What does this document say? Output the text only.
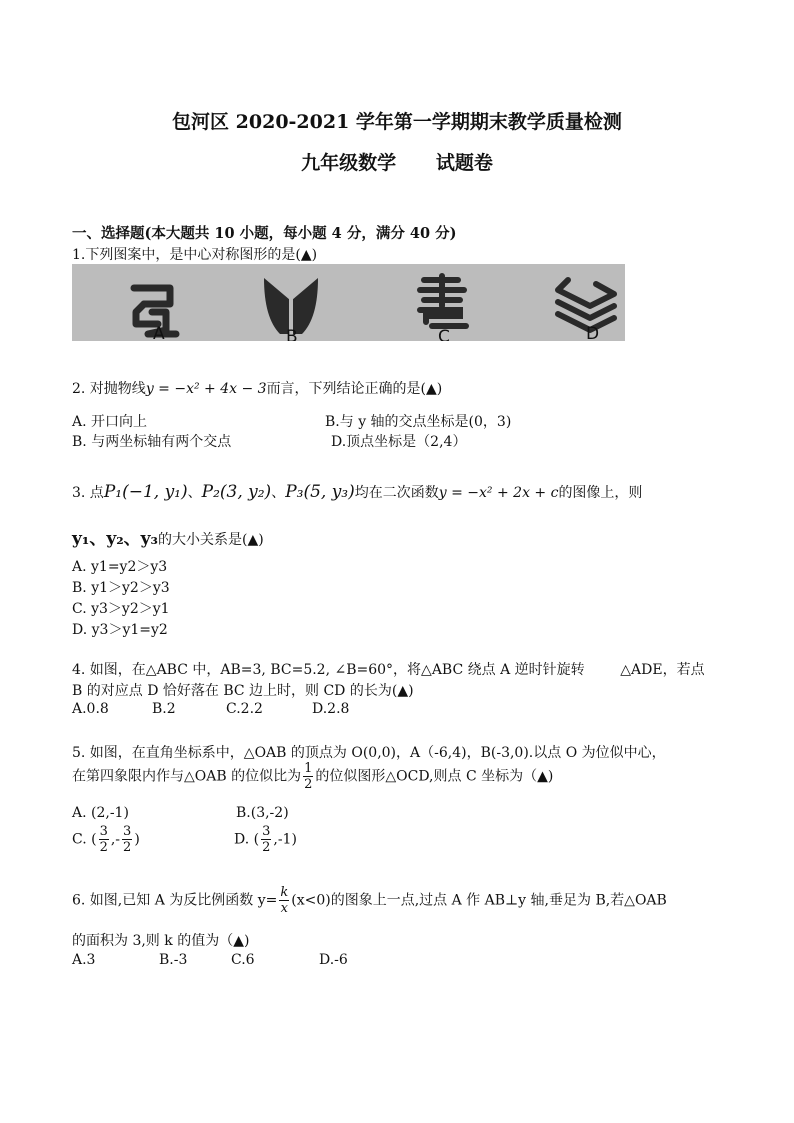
包河区 2020-2021 学年第一学期期末教学质量检测
九年级数学      试题卷
一、选择题(本大题共 10 小题，每小题 4 分，满分 40 分)
1.下列图案中，是中心对称图形的是(▲)
A	B	C	D
2. 对抛物线y = −x² + 4x − 3而言，下列结论正确的是(▲)
A. 开口向上	B.与 y 轴的交点坐标是(0，3)
B. 与两坐标轴有两个交点	D.顶点坐标是（2,4）
3. 点P₁(−1, y₁)、P₂(3, y₂)、P₃(5, y₃)均在二次函数y = −x² + 2x + c的图像上，则
y₁、y₂、y₃的大小关系是(▲)
A. y1=y2＞y3
B. y1＞y2＞y3
C. y3＞y2＞y1
D. y3＞y1=y2
4. 如图，在△ABC 中，AB=3, BC=5.2, ∠B=60°，将△ABC 绕点 A 逆时针旋转        △ADE，若点
B 的对应点 D 恰好落在 BC 边上时，则 CD 的长为(▲)
A.0.8	B.2	C.2.2	D.2.8
5. 如图，在直角坐标系中，△OAB 的顶点为 O(0,0)，A（-6,4)，B(-3,0).以点 O 为位似中心，
在第四象限内作与△OAB 的位似比为 $\frac{1}{2}$ 的位似图形△OCD,则点 C 坐标为（▲)
A. (2,-1)	B.(3,-2)
C. ( $\frac{3}{2}$ ,- $\frac{3}{2}$ )	D. ( $\frac{3}{2} ,-1$)
6. 如图,已知 A 为反比例函数 $y= \frac{k}{x} (x<0)$的图象上一点,过点 A 作 AB⊥y 轴,垂足为 B,若△OAB
的面积为 3,则 k 的值为（▲)
A.3	B.-3	C.6	D.-6
